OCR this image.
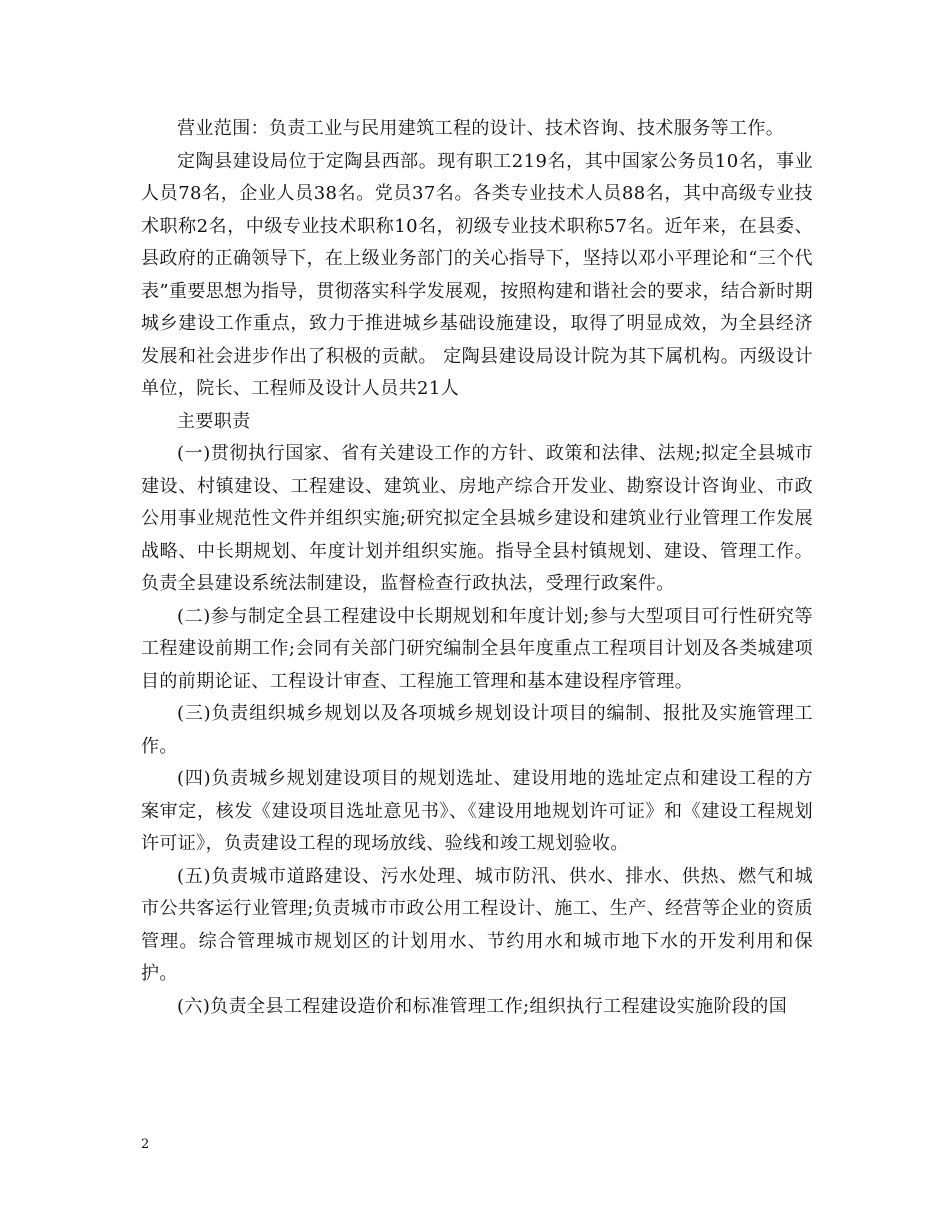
营业范围：负责工业与民用建筑工程的设计、技术咨询、技术服务等工作。

定陶县建设局位于定陶县西部。现有职工219名，其中国家公务员10名，事业人员78名，企业人员38名。党员37名。各类专业技术人员88名，其中高级专业技术职称2名，中级专业技术职称10名，初级专业技术职称57名。近年来，在县委、县政府的正确领导下，在上级业务部门的关心指导下，坚持以邓小平理论和“三个代表”重要思想为指导，贯彻落实科学发展观，按照构建和谐社会的要求，结合新时期城乡建设工作重点，致力于推进城乡基础设施建设，取得了明显成效，为全县经济发展和社会进步作出了积极的贡献。 定陶县建设局设计院为其下属机构。丙级设计单位，院长、工程师及设计人员共21人

主要职责

(一)贯彻执行国家、省有关建设工作的方针、政策和法律、法规;拟定全县城市建设、村镇建设、工程建设、建筑业、房地产综合开发业、勘察设计咨询业、市政公用事业规范性文件并组织实施;研究拟定全县城乡建设和建筑业行业管理工作发展战略、中长期规划、年度计划并组织实施。指导全县村镇规划、建设、管理工作。负责全县建设系统法制建设，监督检查行政执法，受理行政案件。

(二)参与制定全县工程建设中长期规划和年度计划;参与大型项目可行性研究等工程建设前期工作;会同有关部门研究编制全县年度重点工程项目计划及各类城建项目的前期论证、工程设计审查、工程施工管理和基本建设程序管理。

(三)负责组织城乡规划以及各项城乡规划设计项目的编制、报批及实施管理工作。

(四)负责城乡规划建设项目的规划选址、建设用地的选址定点和建设工程的方案审定，核发《建设项目选址意见书》、《建设用地规划许可证》和《建设工程规划许可证》，负责建设工程的现场放线、验线和竣工规划验收。

(五)负责城市道路建设、污水处理、城市防汛、供水、排水、供热、燃气和城市公共客运行业管理;负责城市市政公用工程设计、施工、生产、经营等企业的资质管理。综合管理城市规划区的计划用水、节约用水和城市地下水的开发利用和保护。

(六)负责全县工程建设造价和标准管理工作;组织执行工程建设实施阶段的国

2
